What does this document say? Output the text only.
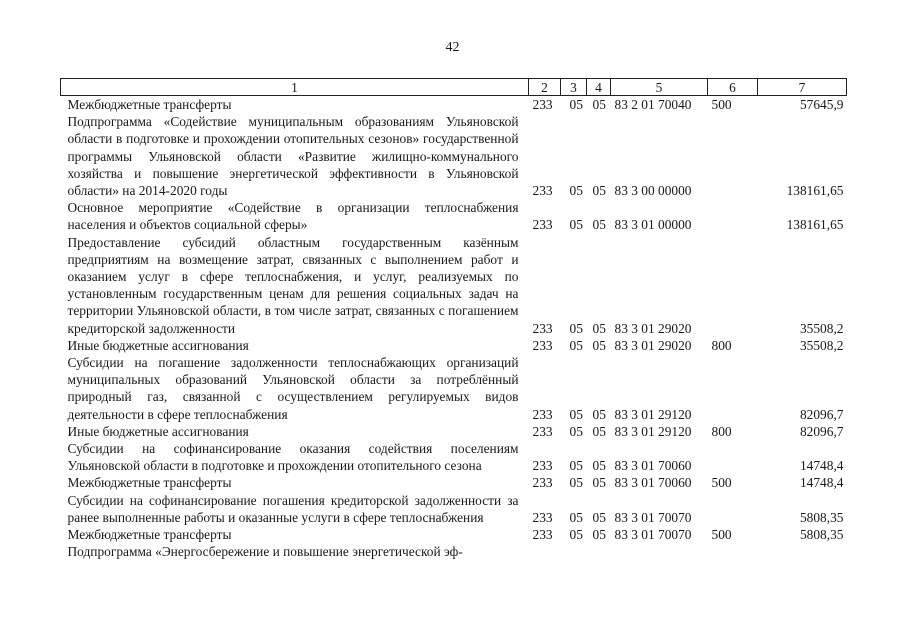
42
1	2	3	4	5	6	7
Межбюджетные трансферты	233	05	05	83 2 01 70040	500	57645,9
Подпрограмма «Содействие муниципальным образованиям Ульяновской области в подготовке и прохождении отопительных сезонов» государственной программы Ульяновской области «Развитие жилищно-коммунального хозяйства и повышение энергетической эффективности в Ульяновской области» на 2014-2020 годы	233	05	05	83 3 00 00000		138161,65
Основное мероприятие «Содействие в организации теплоснабжения населения и объектов социальной сферы»	233	05	05	83 3 01 00000		138161,65
Предоставление субсидий областным государственным казённым предприятиям на возмещение затрат, связанных с выполнением работ и оказанием услуг в сфере теплоснабжения, и услуг, реализуемых по установленным государственным ценам для решения социальных задач на территории Ульяновской области, в том числе затрат, связанных с погашением кредиторской задолженности	233	05	05	83 3 01 29020		35508,2
Иные бюджетные ассигнования	233	05	05	83 3 01 29020	800	35508,2
Субсидии на погашение задолженности теплоснабжающих организаций муниципальных образований Ульяновской области за потреблённый природный газ, связанной с осуществлением регулируемых видов деятельности в сфере теплоснабжения	233	05	05	83 3 01 29120		82096,7
Иные бюджетные ассигнования	233	05	05	83 3 01 29120	800	82096,7
Субсидии на софинансирование оказания содействия поселениям Ульяновской области в подготовке и прохождении отопительного сезона	233	05	05	83 3 01 70060		14748,4
Межбюджетные трансферты	233	05	05	83 3 01 70060	500	14748,4
Субсидии на софинансирование погашения кредиторской задолженности за ранее выполненные работы и оказанные услуги в сфере теплоснабжения	233	05	05	83 3 01 70070		5808,35
Межбюджетные трансферты	233	05	05	83 3 01 70070	500	5808,35
Подпрограмма «Энергосбережение и повышение энергетической эф-						
